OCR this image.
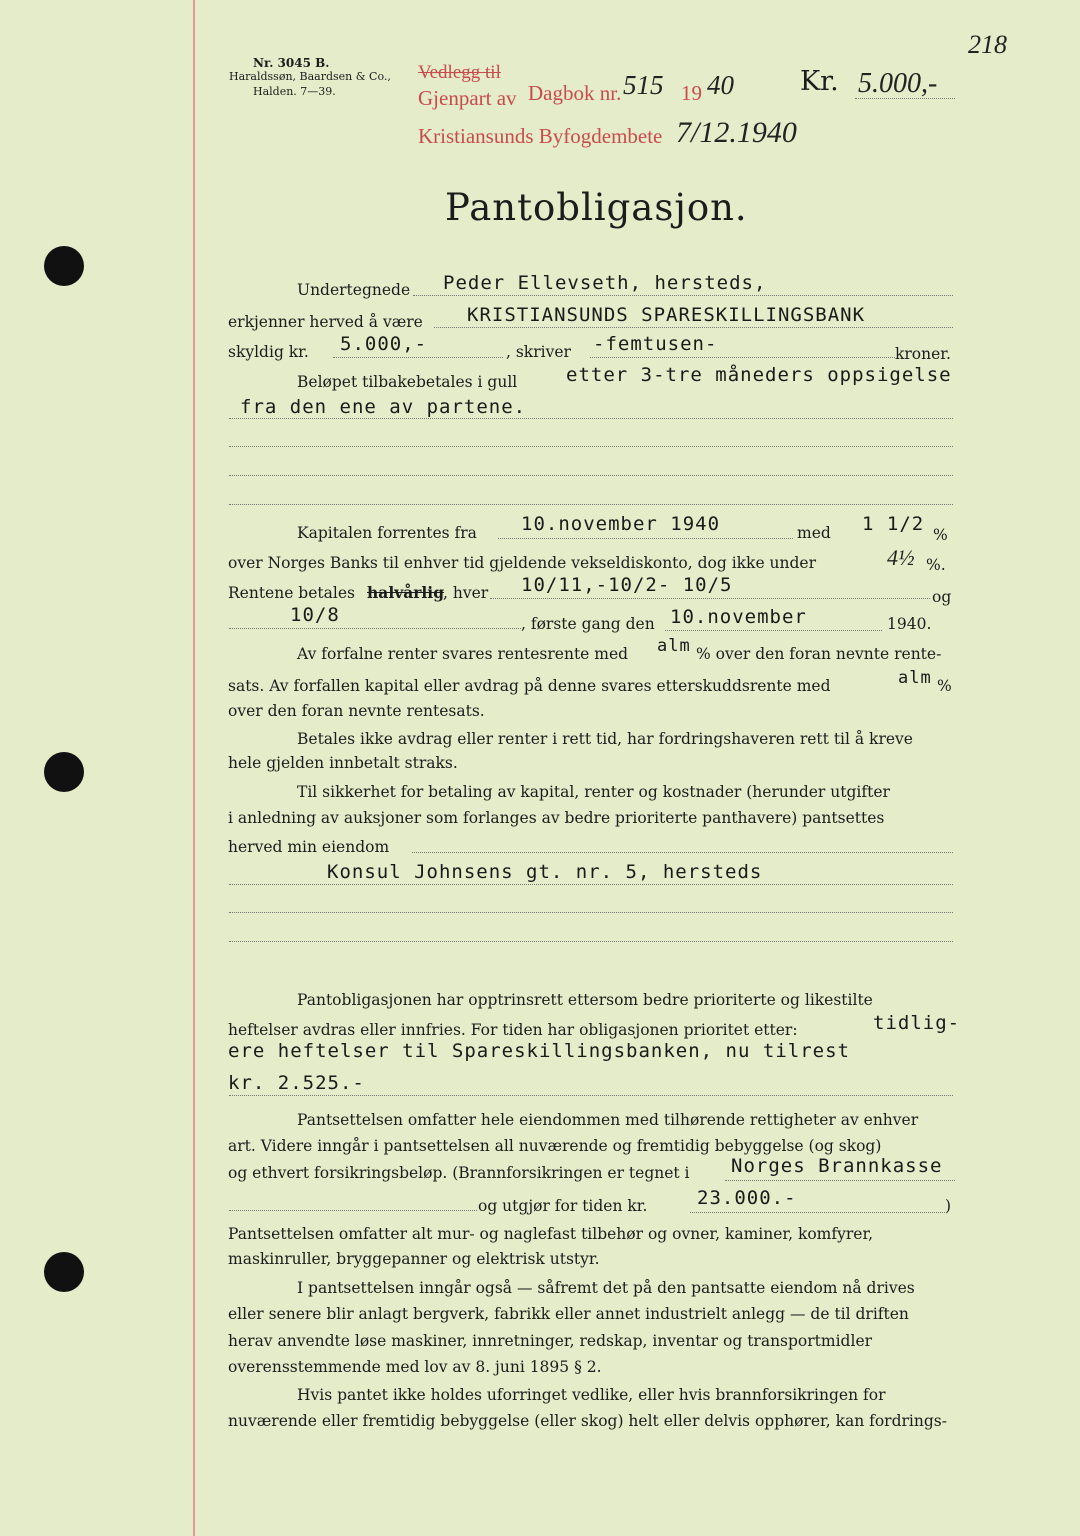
218
Nr. 3045 B.
Haraldssøn, Baardsen & Co.,
Halden. 7—39.
Vedlegg til
Gjenpart av
Kristiansunds Byfogdembete 7/12.1940
Dagbok nr. 515 19 40 Kr. 5.000,-
Pantobligasjon.
Undertegnede Peder Ellevseth, hersteds,
erkjenner herved å være KRISTIANSUNDS SPARESKILLINGSBANK
skyldig kr. 5.000,-	, skriver -femtusen-	kroner.
Beløpet tilbakebetales i gull	etter 3-tre måneders oppsigelse
fra den ene av partene.
Kapitalen forrentes fra 10.november 1940	med 1 1/2 %
over Norges Banks til enhver tid gjeldende vekseldiskonto, dog ikke under	4½ %.
Rentene betales halvårlig
, hver 10/11,-10/2- 10/5
og
10/8	, første gang den 10.november	1940.
Av forfalne renter svares rentesrente med alm % over den foran nevnte rente-
sats. Av forfallen kapital eller avdrag på denne svares etterskuddsrente med	alm %
over den foran nevnte rentesats.
Betales ikke avdrag eller renter i rett tid, har fordringshaveren rett til å kreve
hele gjelden innbetalt straks.
Til sikkerhet for betaling av kapital, renter og kostnader (herunder utgifter
i anledning av auksjoner som forlanges av bedre prioriterte panthavere) pantsettes
herved min eiendom
Konsul Johnsens gt. nr. 5, hersteds
Pantobligasjonen har opptrinsrett ettersom bedre prioriterte og likestilte
heftelser avdras eller innfries. For tiden har obligasjonen prioritet etter:	tidlig-
ere heftelser til Spareskillingsbanken, nu tilrest
kr. 2.525.-
Pantsettelsen omfatter hele eiendommen med tilhørende rettigheter av enhver
art. Videre inngår i pantsettelsen all nuværende og fremtidig bebyggelse (og skog)
og ethvert forsikringsbeløp. (Brannforsikringen er tegnet i Norges Brannkasse
og utgjør for tiden kr.	23.000.-	)
Pantsettelsen omfatter alt mur- og naglefast tilbehør og ovner, kaminer, komfyrer,
maskinruller, bryggepanner og elektrisk utstyr.
I pantsettelsen inngår også — såfremt det på den pantsatte eiendom nå drives
eller senere blir anlagt bergverk, fabrikk eller annet industrielt anlegg — de til driften
herav anvendte løse maskiner, innretninger, redskap, inventar og transportmidler
overensstemmende med lov av 8. juni 1895 § 2.
Hvis pantet ikke holdes uforringet vedlike, eller hvis brannforsikringen for
nuværende eller fremtidig bebyggelse (eller skog) helt eller delvis opphører, kan fordrings-
